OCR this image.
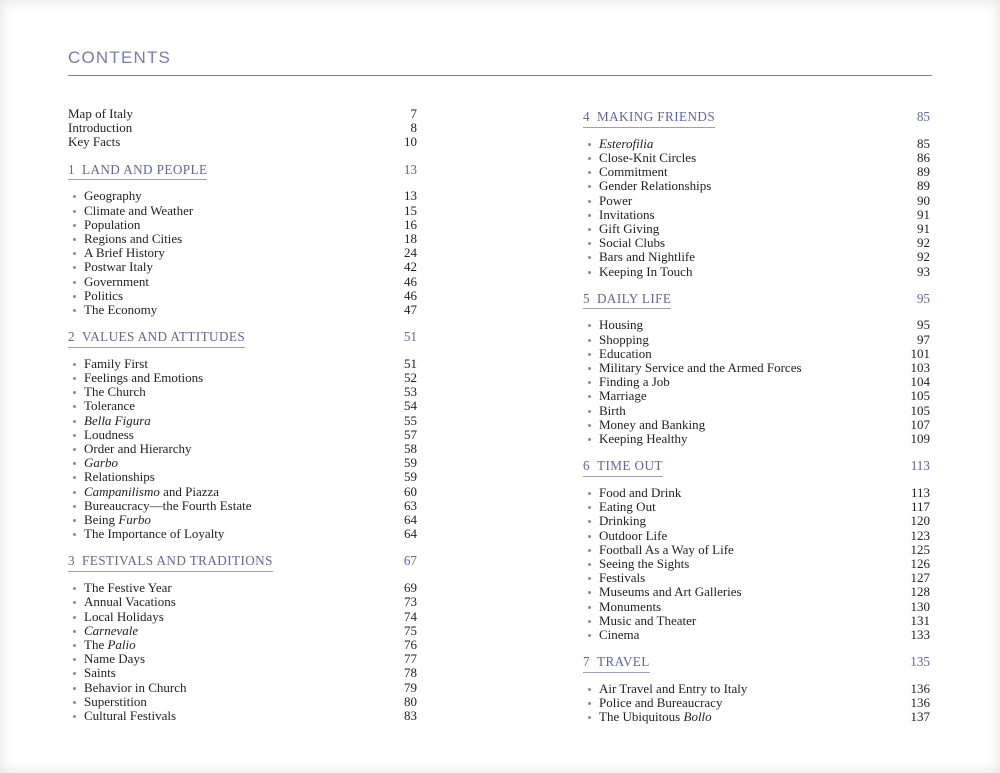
CONTENTS
Map of Italy	7
Introduction	8
Key Facts	10
1 LAND AND PEOPLE	13
Geography	13
Climate and Weather	15
Population	16
Regions and Cities	18
A Brief History	24
Postwar Italy	42
Government	46
Politics	46
The Economy	47
2 VALUES AND ATTITUDES	51
Family First	51
Feelings and Emotions	52
The Church	53
Tolerance	54
Bella Figura	55
Loudness	57
Order and Hierarchy	58
Garbo	59
Relationships	59
Campanilismo and Piazza	60
Bureaucracy—the Fourth Estate	63
Being Furbo	64
The Importance of Loyalty	64
3 FESTIVALS AND TRADITIONS	67
The Festive Year	69
Annual Vacations	73
Local Holidays	74
Carnevale	75
The Palio	76
Name Days	77
Saints	78
Behavior in Church	79
Superstition	80
Cultural Festivals	83
4 MAKING FRIENDS	85
Esterofilia	85
Close-Knit Circles	86
Commitment	89
Gender Relationships	89
Power	90
Invitations	91
Gift Giving	91
Social Clubs	92
Bars and Nightlife	92
Keeping In Touch	93
5 DAILY LIFE	95
Housing	95
Shopping	97
Education	101
Military Service and the Armed Forces	103
Finding a Job	104
Marriage	105
Birth	105
Money and Banking	107
Keeping Healthy	109
6 TIME OUT	113
Food and Drink	113
Eating Out	117
Drinking	120
Outdoor Life	123
Football As a Way of Life	125
Seeing the Sights	126
Festivals	127
Museums and Art Galleries	128
Monuments	130
Music and Theater	131
Cinema	133
7 TRAVEL	135
Air Travel and Entry to Italy	136
Police and Bureaucracy	136
The Ubiquitous Bollo	137
